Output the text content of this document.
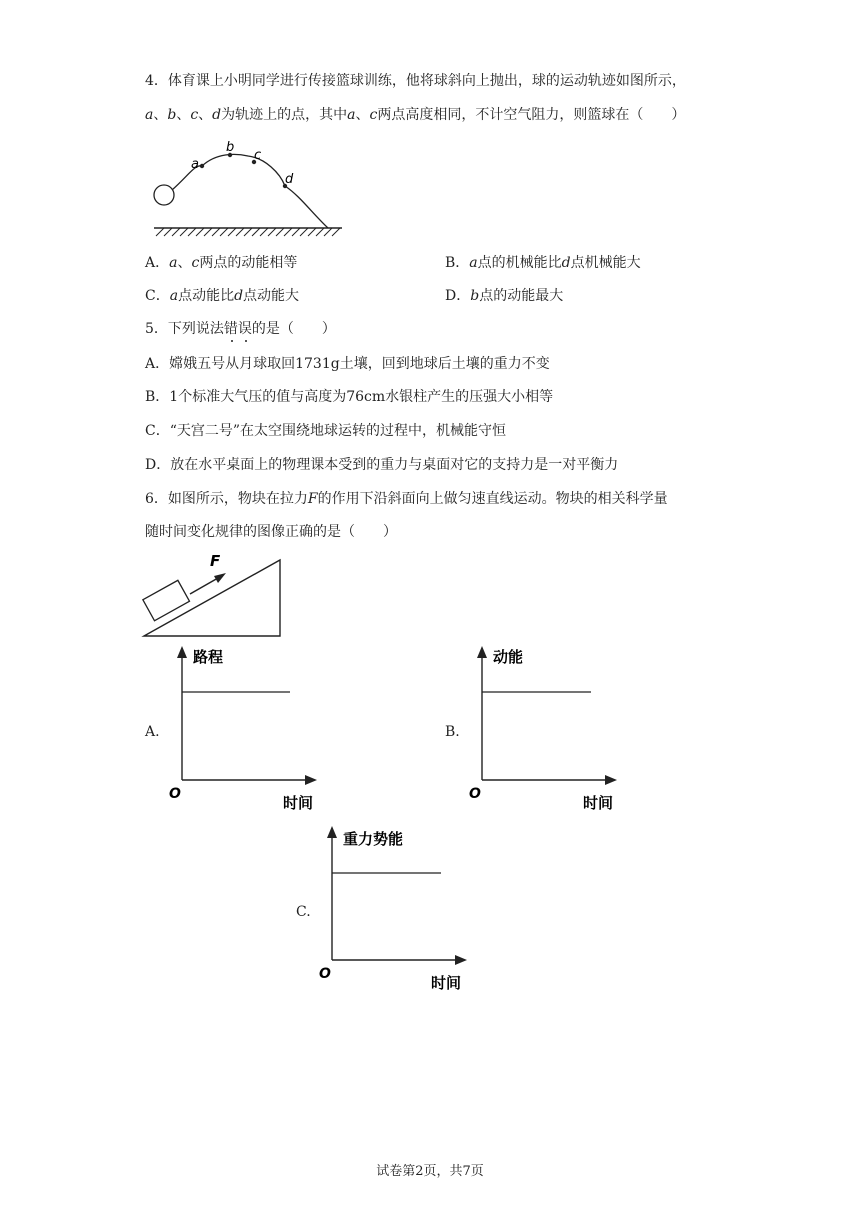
4．体育课上小明同学进行传接篮球训练，他将球斜向上抛出，球的运动轨迹如图所示，
a、b、c、d为轨迹上的点，其中a、c两点高度相同，不计空气阻力，则篮球在（　　）
a
b
c
d
A．a、c两点的动能相等	B．a点的机械能比d点机械能大
C．a点动能比d点动能大	D．b点的动能最大
5．下列说法错误的是（　　）
A．嫦娥五号从月球取回1731g土壤，回到地球后土壤的重力不变
B．1个标准大气压的值与高度为76cm水银柱产生的压强大小相等
C．“天宫二号”在太空围绕地球运转的过程中，机械能守恒
D．放在水平桌面上的物理课本受到的重力与桌面对它的支持力是一对平衡力
6．如图所示，物块在拉力F的作用下沿斜面向上做匀速直线运动。物块的相关科学量
随时间变化规律的图像正确的是（　　）
F
A.
路程
时间
O
B.
动能
时间
O
C.
重力势能
时间
O
试卷第2页，共7页
